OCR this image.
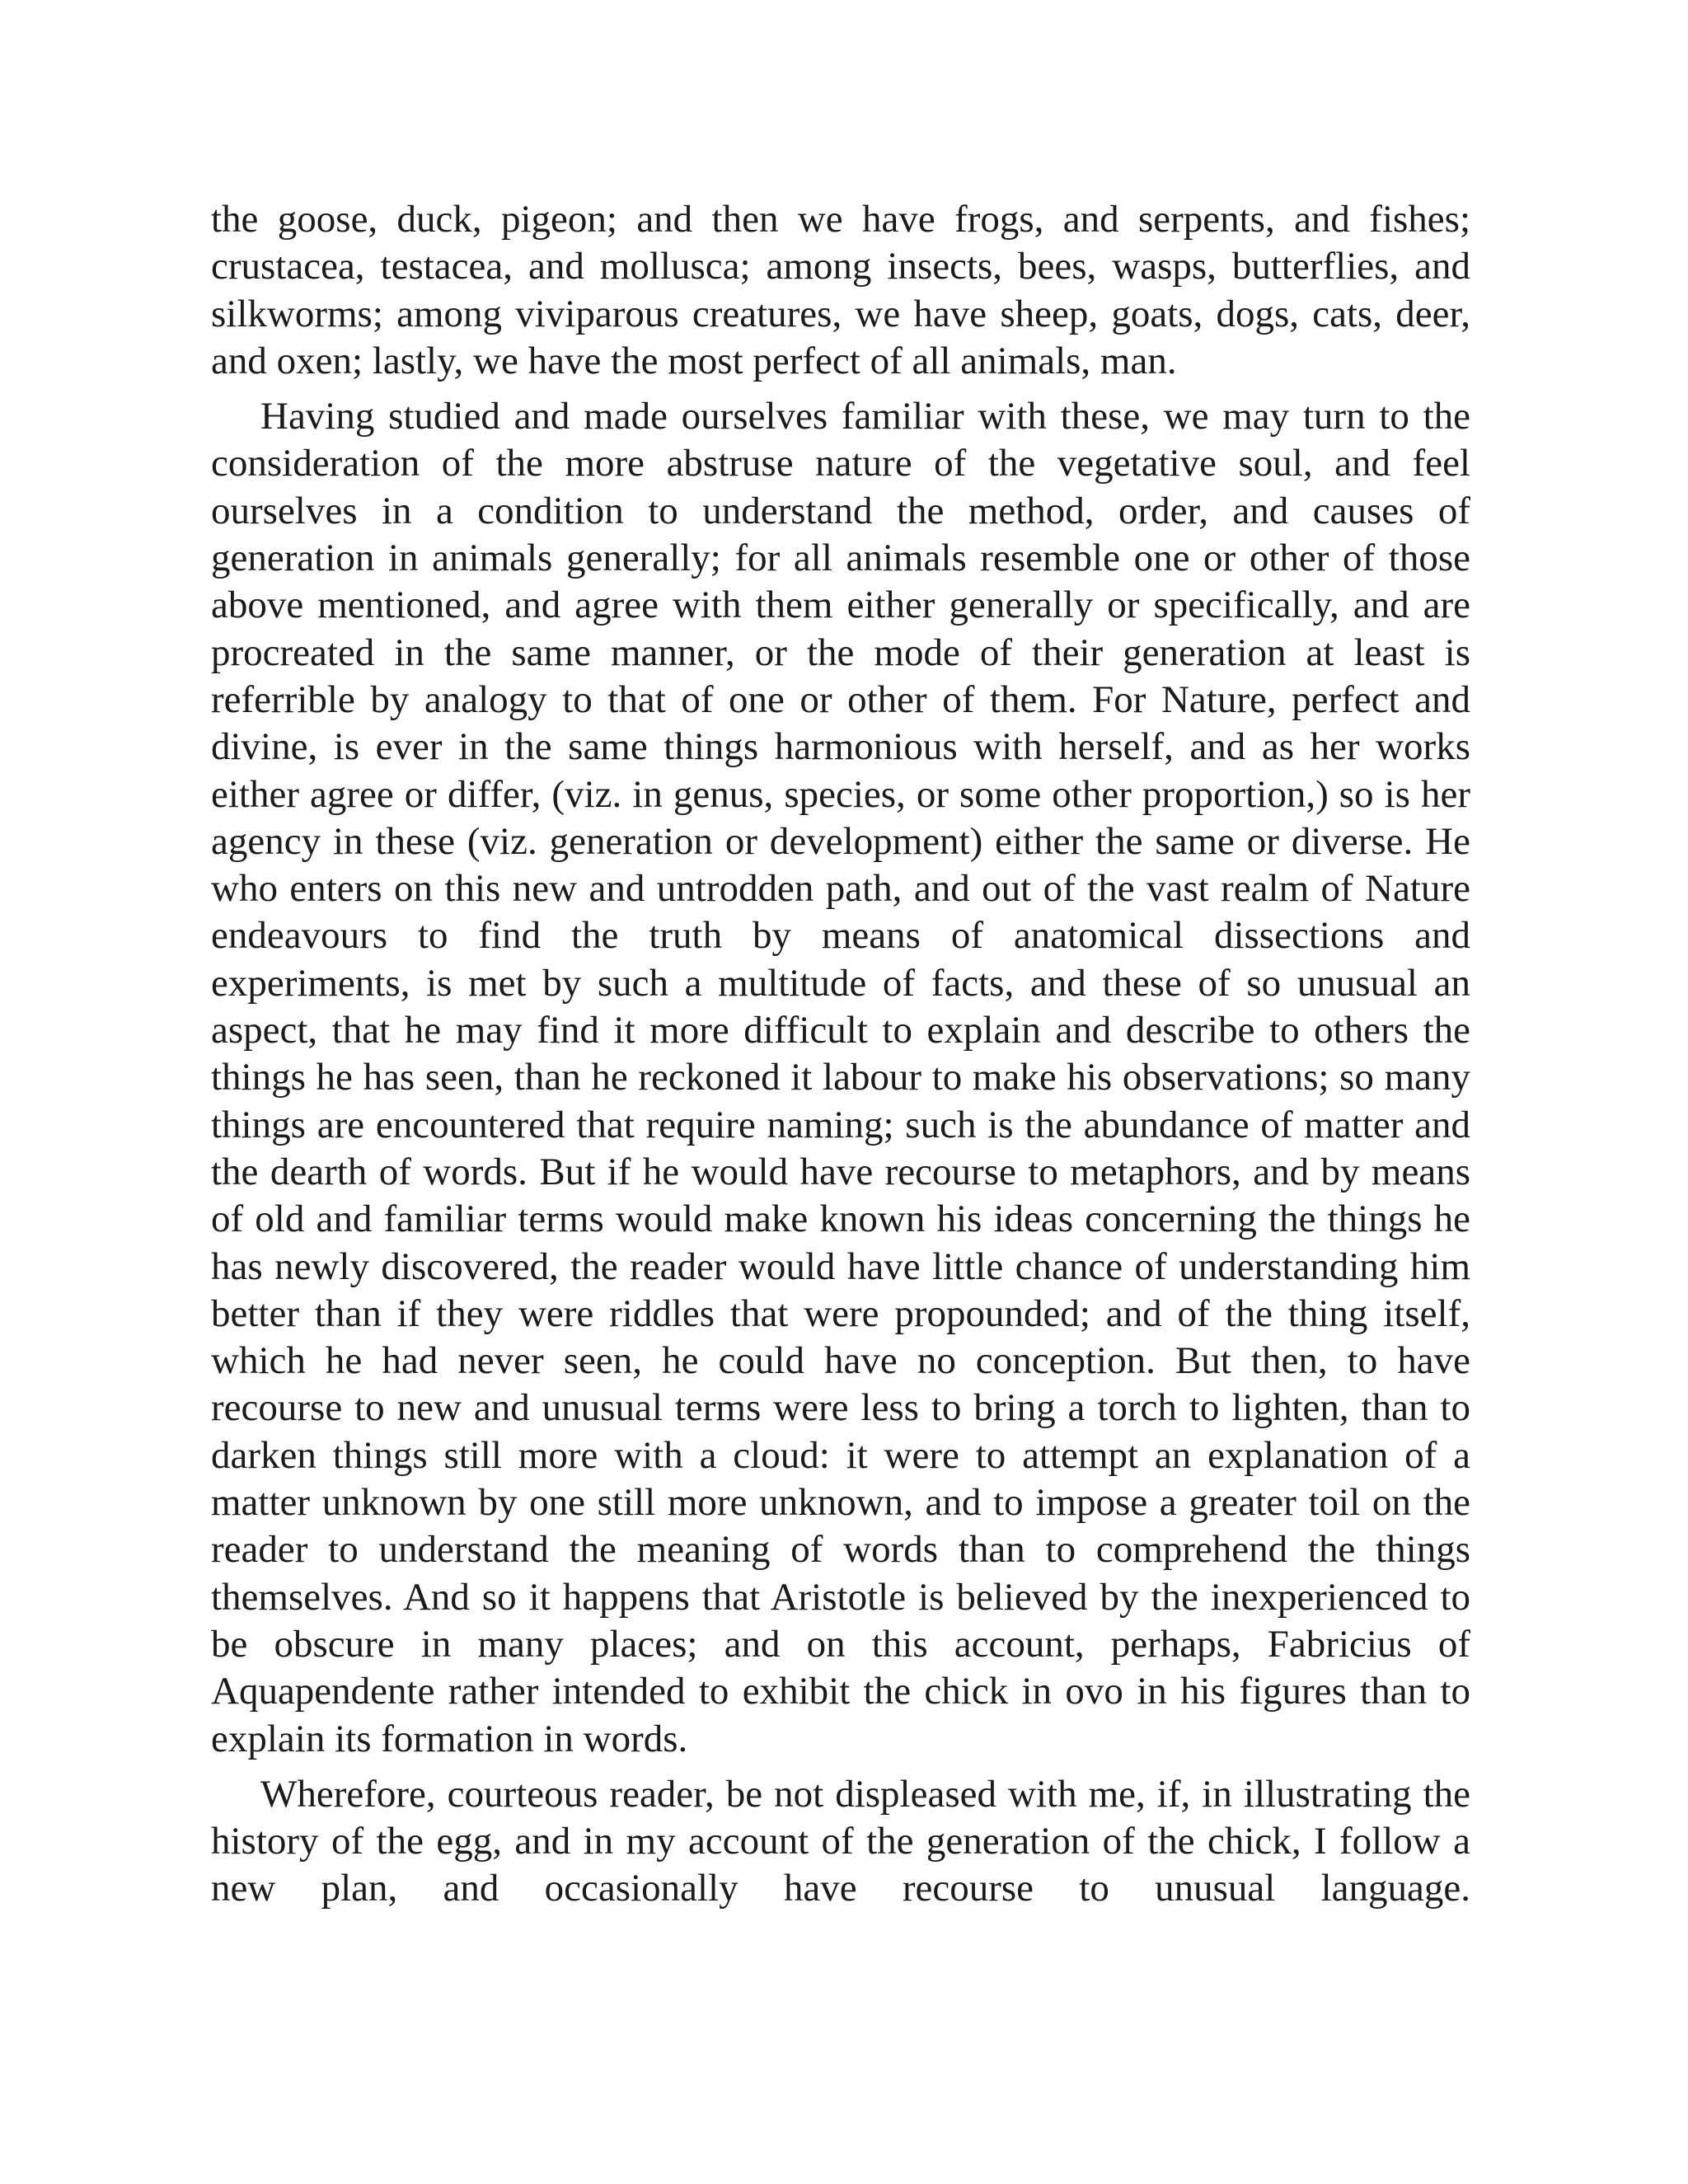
the goose, duck, pigeon; and then we have frogs, and serpents, and fishes; crustacea, testacea, and mollusca; among insects, bees, wasps, butterflies, and silkworms; among viviparous creatures, we have sheep, goats, dogs, cats, deer, and oxen; lastly, we have the most perfect of all animals, man.

Having studied and made ourselves familiar with these, we may turn to the consideration of the more abstruse nature of the vegetative soul, and feel ourselves in a condition to understand the method, order, and causes of generation in animals generally; for all animals resemble one or other of those above mentioned, and agree with them either generally or specifically, and are procreated in the same manner, or the mode of their generation at least is referrible by analogy to that of one or other of them. For Nature, perfect and divine, is ever in the same things harmonious with herself, and as her works either agree or differ, (viz. in genus, species, or some other proportion,) so is her agency in these (viz. generation or development) either the same or diverse. He who enters on this new and untrodden path, and out of the vast realm of Nature endeavours to find the truth by means of anatomical dissections and experiments, is met by such a multitude of facts, and these of so unusual an aspect, that he may find it more difficult to explain and describe to others the things he has seen, than he reckoned it labour to make his observations; so many things are encountered that require naming; such is the abundance of matter and the dearth of words. But if he would have recourse to metaphors, and by means of old and familiar terms would make known his ideas concerning the things he has newly discovered, the reader would have little chance of understanding him better than if they were riddles that were propounded; and of the thing itself, which he had never seen, he could have no conception. But then, to have recourse to new and unusual terms were less to bring a torch to lighten, than to darken things still more with a cloud: it were to attempt an explanation of a matter unknown by one still more unknown, and to impose a greater toil on the reader to understand the meaning of words than to comprehend the things themselves. And so it happens that Aristotle is believed by the inexperienced to be obscure in many places; and on this account, perhaps, Fabricius of Aquapendente rather intended to exhibit the chick in ovo in his figures than to explain its formation in words.

Wherefore, courteous reader, be not displeased with me, if, in illustrating the history of the egg, and in my account of the generation of the chick, I follow a new plan, and occasionally have recourse to unusual language.
